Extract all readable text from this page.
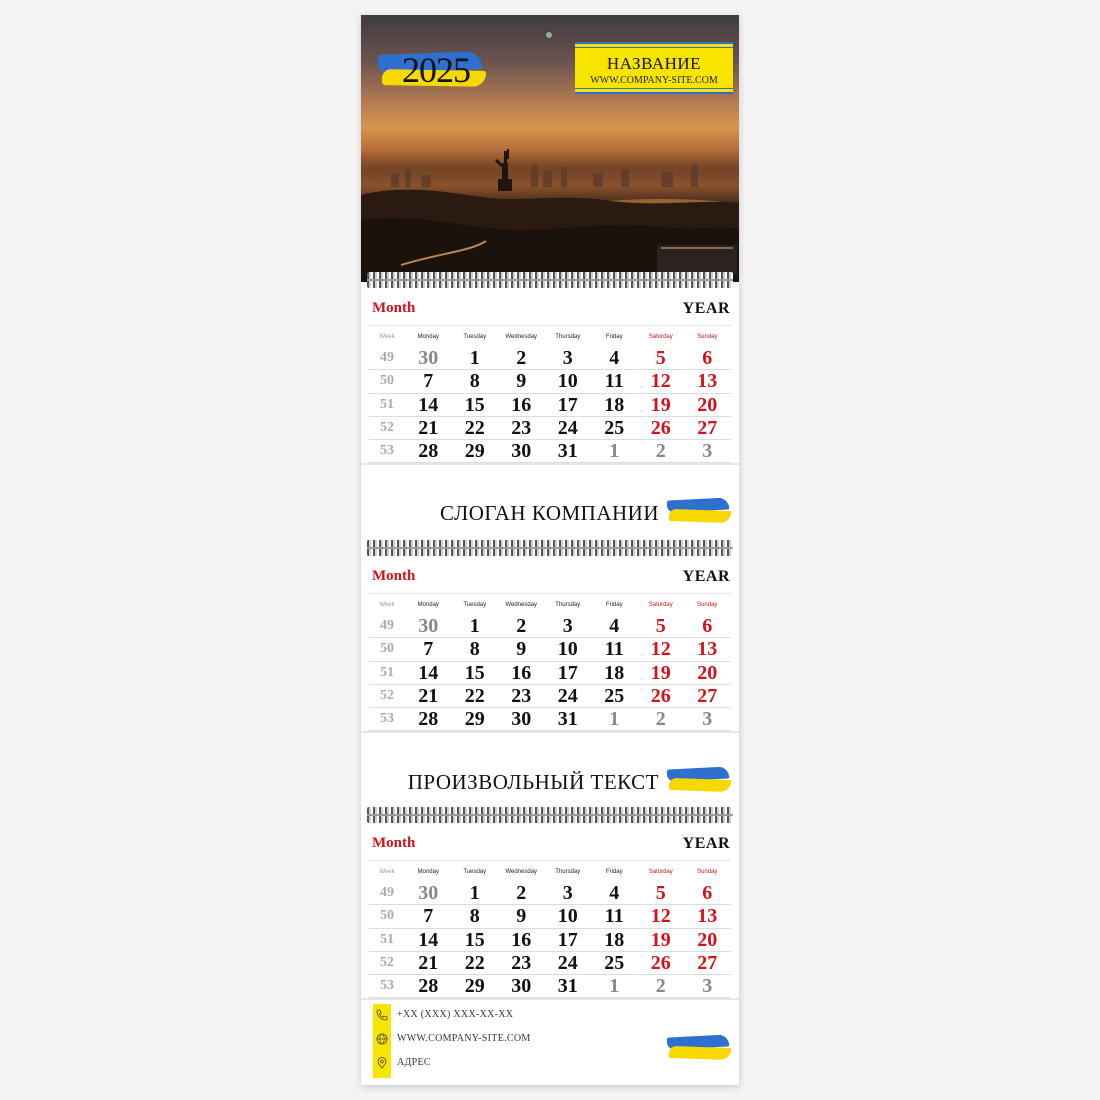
2025	НАЗВАНИЕ
WWW.COMPANY-SITE.COM
Month	YEAR
Week	Monday	Tuesday	Wednesday	Thursday	Friday	Saturday	Sunday
49	30	1	2	3	4	5	6
50	7	8	9	10	11	12	13
51	14	15	16	17	18	19	20
52	21	22	23	24	25	26	27
53	28	29	30	31	1	2	3
СЛОГАН КОМПАНИИ
Month	YEAR
Week	Monday	Tuesday	Wednesday	Thursday	Friday	Saturday	Sunday
49	30	1	2	3	4	5	6
50	7	8	9	10	11	12	13
51	14	15	16	17	18	19	20
52	21	22	23	24	25	26	27
53	28	29	30	31	1	2	3
ПРОИЗВОЛЬНЫЙ ТЕКСТ
Month	YEAR
Week	Monday	Tuesday	Wednesday	Thursday	Friday	Saturday	Sunday
49	30	1	2	3	4	5	6
50	7	8	9	10	11	12	13
51	14	15	16	17	18	19	20
52	21	22	23	24	25	26	27
53	28	29	30	31	1	2	3
+XX (XXX) XXX-XX-XX
WWW.COMPANY-SITE.COM
АДРЕС
